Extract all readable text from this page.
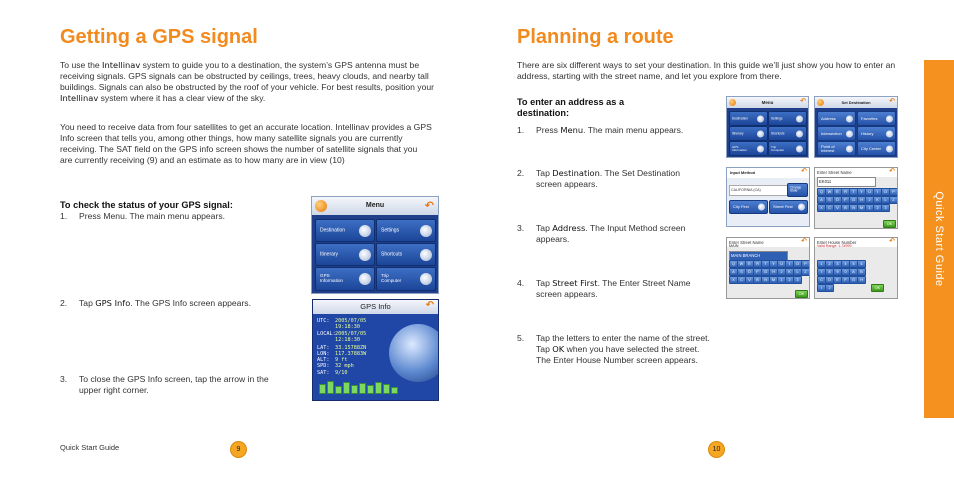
Getting a GPS signal

To use the Intellinav system to guide you to a destination, the system’s GPS antenna must be receiving signals. GPS signals can be obstructed by ceilings, trees, heavy clouds, and nearby tall buildings. Signals can also be obstructed by the roof of your vehicle. For best results, position your Intellinav system where it has a clear view of the sky.

You need to receive data from four satellites to get an accurate location. Intellinav provides a GPS Info screen that tells you, among other things, how many satellite signals you are currently receiving. The SAT field on the GPS info screen shows the number of satellite signals that you are currently receiving (9) and an estimate as to how many are in view (10)

To check the status of your GPS signal:

1. Press Menu. The main menu appears.
2. Tap GPS Info. The GPS Info screen appears.
3. To close the GPS Info screen, tap the arrow in the upper right corner.
Menu	↶
Destination	Settings
Itinerary	Shortcuts
GPS
Information
Trip
Computer
GPS Info	↶
UTC: 2005/07/05
19:18:30
LOCAL:2005/07/05
12:18:30
LAT: 33.15788ZN
LON: 117.37883W
ALT: 9 ft
SPD: 32 mph
SAT: 9/10
Quick Start Guide	9
Planning a route

There are six different ways to set your destination. In this guide we’ll just show you how to enter an address, starting with the street name, and let you explore from there.

To enter an address as a destination:

1. Press Menu. The main menu appears.
2. Tap Destination. The Set Destination screen appears.
3. Tap Address. The Input Method screen appears.
4. Tap Street First. The Enter Street Name screen appears.
5. Tap the letters to enter the name of the street. Tap OK when you have selected the street. The Enter House Number screen appears.
Menu	↶
Destination	Settings
Itinerary	Shortcuts
GPS
Information
Trip
Computer
Set Destination	↶
Address	Favorites
Intersection	History
Point of
Interest	City Center
Input Method	↶
CALIFORNIA (CA)
Change
State
City First	Street First
Enter Street Name	↶
EK011
Q	W	E	R	T	Y	U	I	O	P
A	S	D	F	G	H	J	K	L	Z
X	C	V	B	N	M	1	2	3
OK
Enter Street Name
MAIN
↶
MAIN BRANCH
Q	W	E	R	T	Y	U	I	O	P
A	S	D	F	G	H	J	K	L	Z
X	C	V	B	N	M	1	2	3
OK
Enter House Number
Valid Range: 1-7#999
↶
1	2	3	4	5	6
7	8	9	0	A	B
C	D	E	F	G	H
I	J	OK
10
Quick Start Guide
